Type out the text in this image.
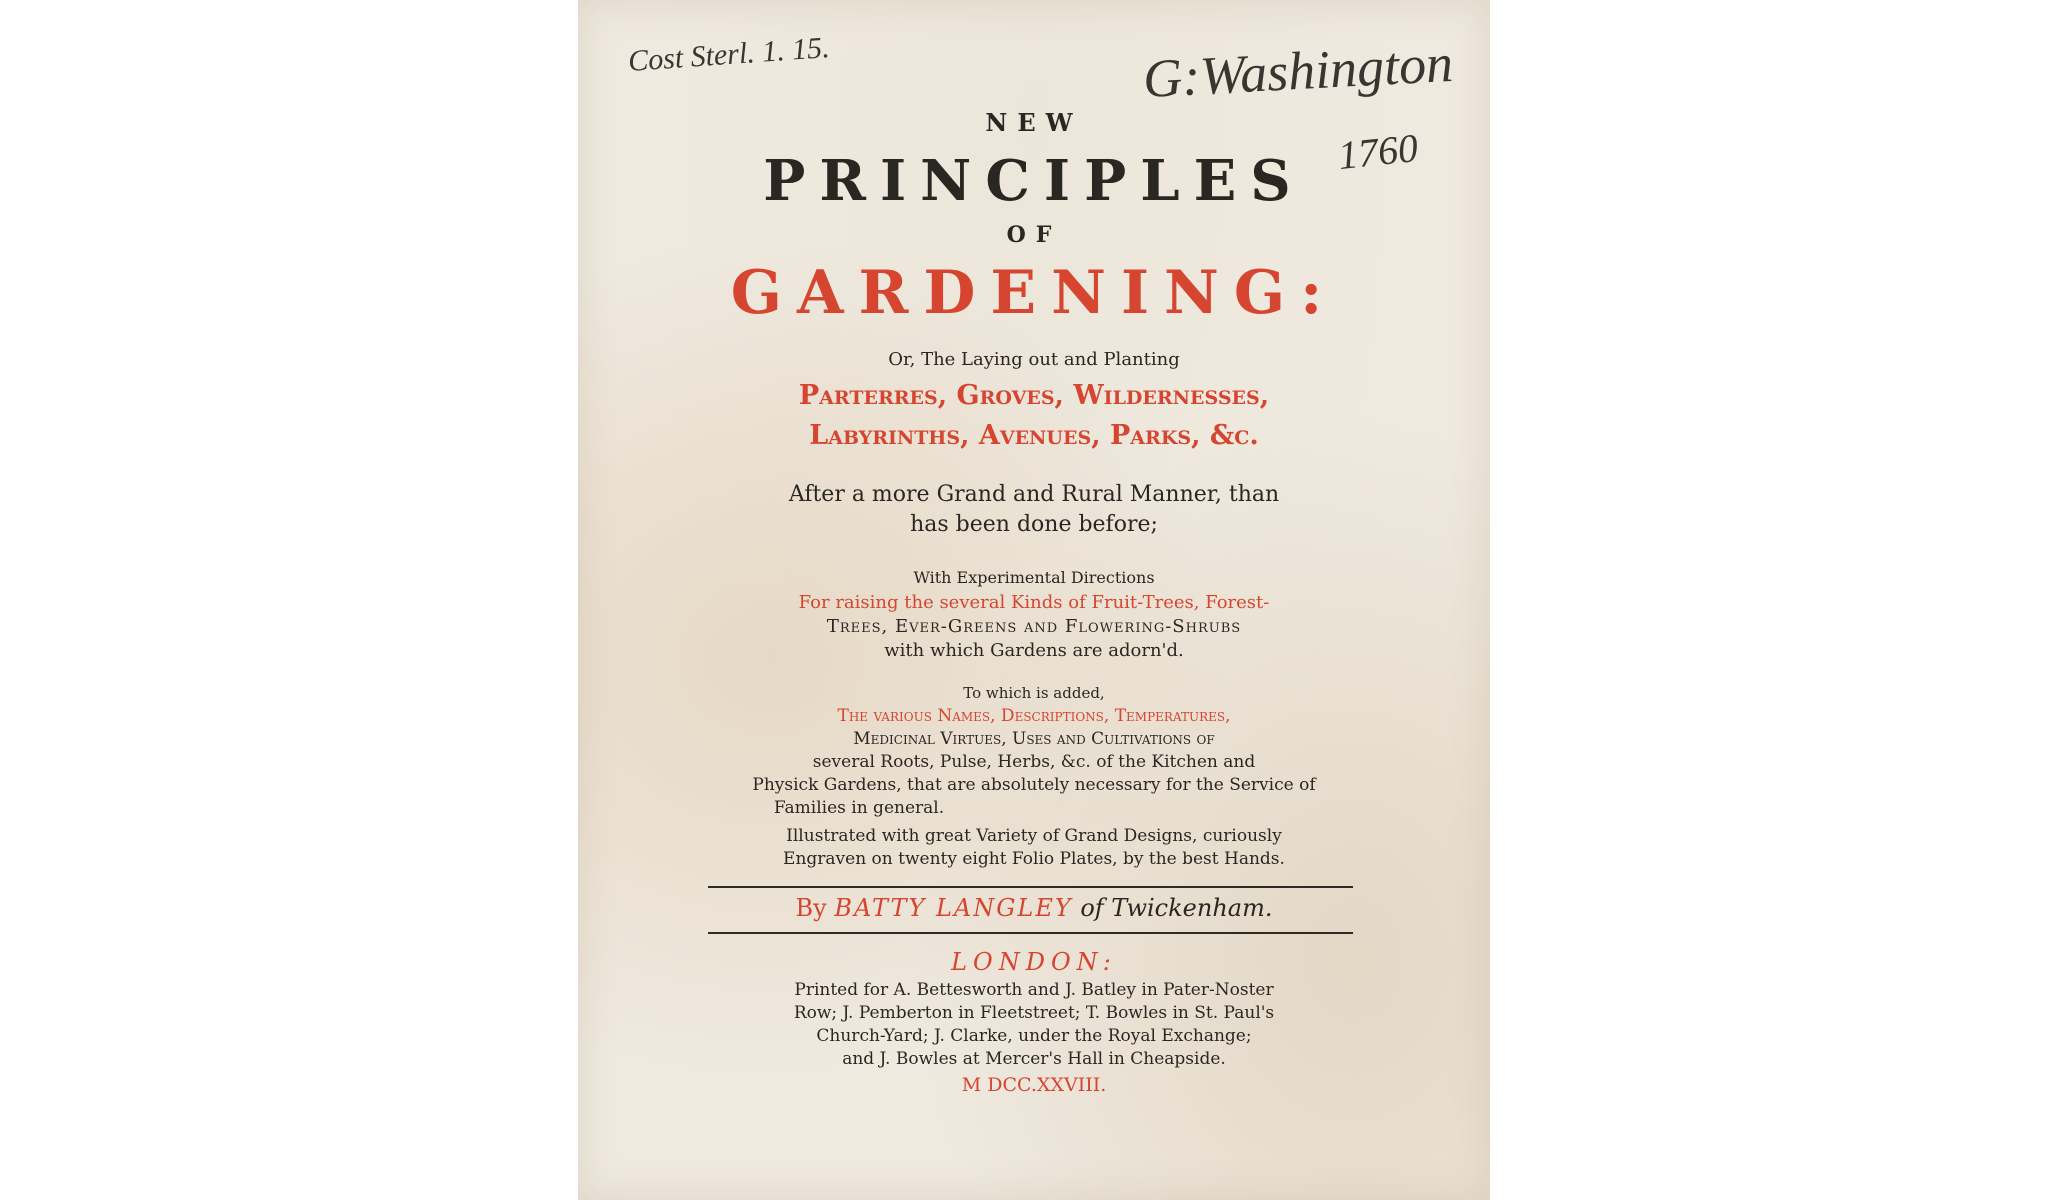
Cost Sterl. 1. 15.	G:Washington
1760
NEW
PRINCIPLES
OF
GARDENING:
Or, The Laying out and Planting
Parterres, Groves, Wildernesses,
Labyrinths, Avenues, Parks, &c.
After a more Grand and Rural Manner, than
has been done before;
With Experimental Directions
For raising the several Kinds of Fruit-Trees, Forest-
Trees, Ever-Greens and Flowering-Shrubs
with which Gardens are adorn'd.
To which is added,
The various Names, Descriptions, Temperatures,
Medicinal Virtues, Uses and Cultivations of
several Roots, Pulse, Herbs, &c. of the Kitchen and
Physick Gardens, that are absolutely necessary for the Service of
Families in general.
Illustrated with great Variety of Grand Designs, curiously
Engraven on twenty eight Folio Plates, by the best Hands.
By BATTY LANGLEY of Twickenham.
LONDON:
Printed for A. Bettesworth and J. Batley in Pater-Noster
Row; J. Pemberton in Fleetstreet; T. Bowles in St. Paul's
Church-Yard; J. Clarke, under the Royal Exchange;
and J. Bowles at Mercer's Hall in Cheapside.
M DCC.XXVIII.
